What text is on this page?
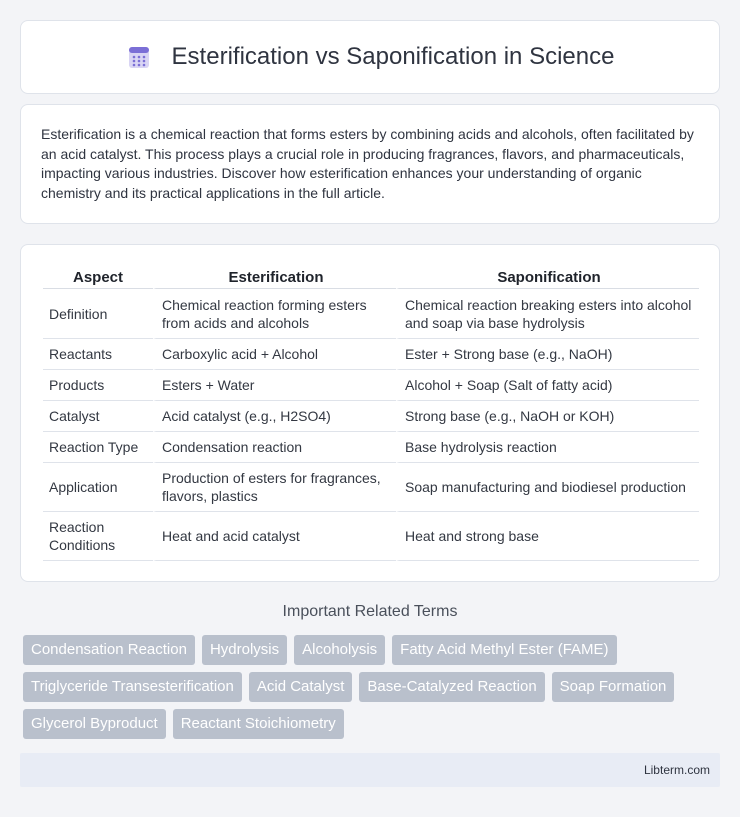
Esterification vs Saponification in Science

Esterification is a chemical reaction that forms esters by combining acids and alcohols, often facilitated by an acid catalyst. This process plays a crucial role in producing fragrances, flavors, and pharmaceuticals, impacting various industries. Discover how esterification enhances your understanding of organic chemistry and its practical applications in the full article.

Aspect	Esterification	Saponification
Definition	Chemical reaction forming esters from acids and alcohols	Chemical reaction breaking esters into alcohol and soap via base hydrolysis
Reactants	Carboxylic acid + Alcohol	Ester + Strong base (e.g., NaOH)
Products	Esters + Water	Alcohol + Soap (Salt of fatty acid)
Catalyst	Acid catalyst (e.g., H2SO4)	Strong base (e.g., NaOH or KOH)
Reaction Type	Condensation reaction	Base hydrolysis reaction
Application	Production of esters for fragrances, flavors, plastics	Soap manufacturing and biodiesel production
Reaction Conditions	Heat and acid catalyst	Heat and strong base
Important Related Terms
Condensation Reaction	Hydrolysis	Alcoholysis	Fatty Acid Methyl Ester (FAME)
Triglyceride Transesterification	Acid Catalyst	Base-Catalyzed Reaction	Soap Formation
Glycerol Byproduct	Reactant Stoichiometry
Libterm.com
